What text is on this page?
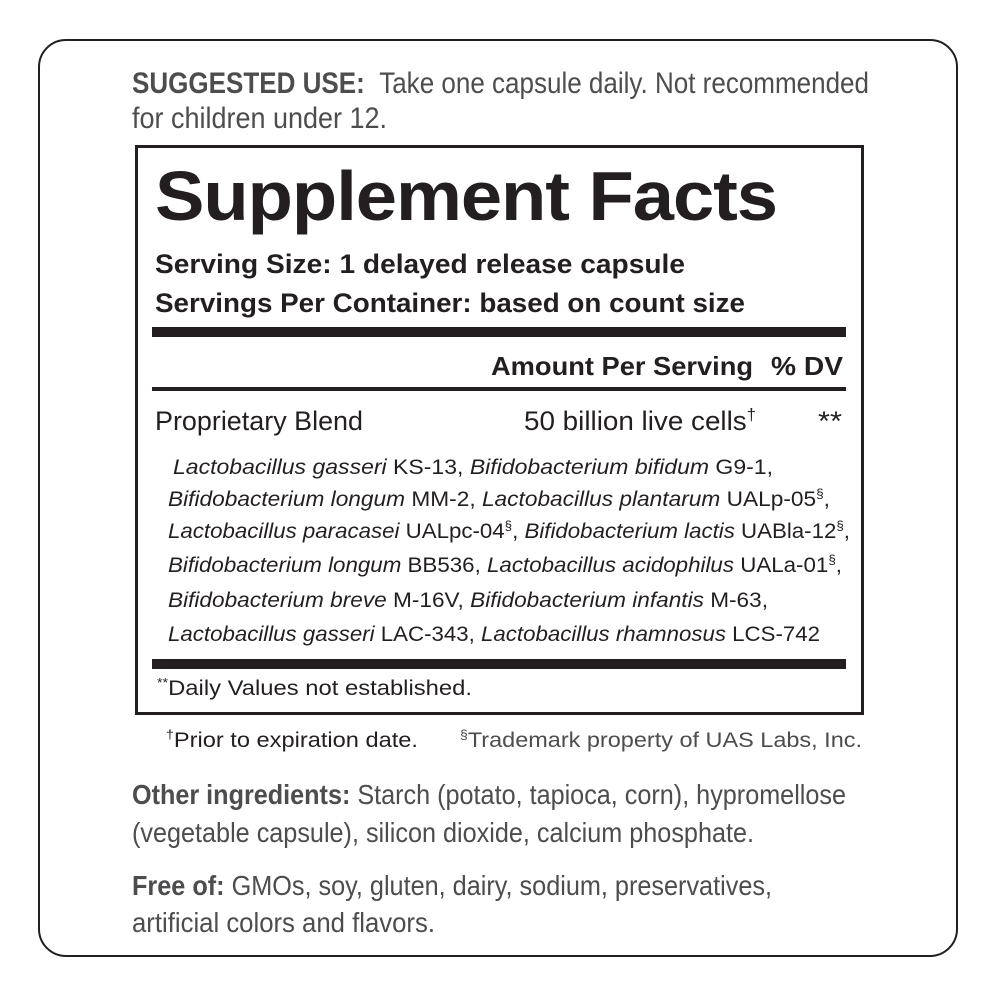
SUGGESTED USE: Take one capsule daily. Not recommended
for children under 12.
Supplement Facts
Serving Size: 1 delayed release capsule
Servings Per Container: based on count size
Amount Per Serving % DV
Proprietary Blend	50 billion live cells† **
Lactobacillus gasseri KS-13, Bifidobacterium bifidum G9-1,
Bifidobacterium longum MM-2, Lactobacillus plantarum UALp-05§,
Lactobacillus paracasei UALpc-04§, Bifidobacterium lactis UABla-12§,
Bifidobacterium longum BB536, Lactobacillus acidophilus UALa-01§,
Bifidobacterium breve M-16V, Bifidobacterium infantis M-63,
Lactobacillus gasseri LAC-343, Lactobacillus rhamnosus LCS-742
**Daily Values not established.
†Prior to expiration date.	§Trademark property of UAS Labs, Inc.
Other ingredients: Starch (potato, tapioca, corn), hypromellose
(vegetable capsule), silicon dioxide, calcium phosphate.
Free of: GMOs, soy, gluten, dairy, sodium, preservatives,
artificial colors and flavors.
